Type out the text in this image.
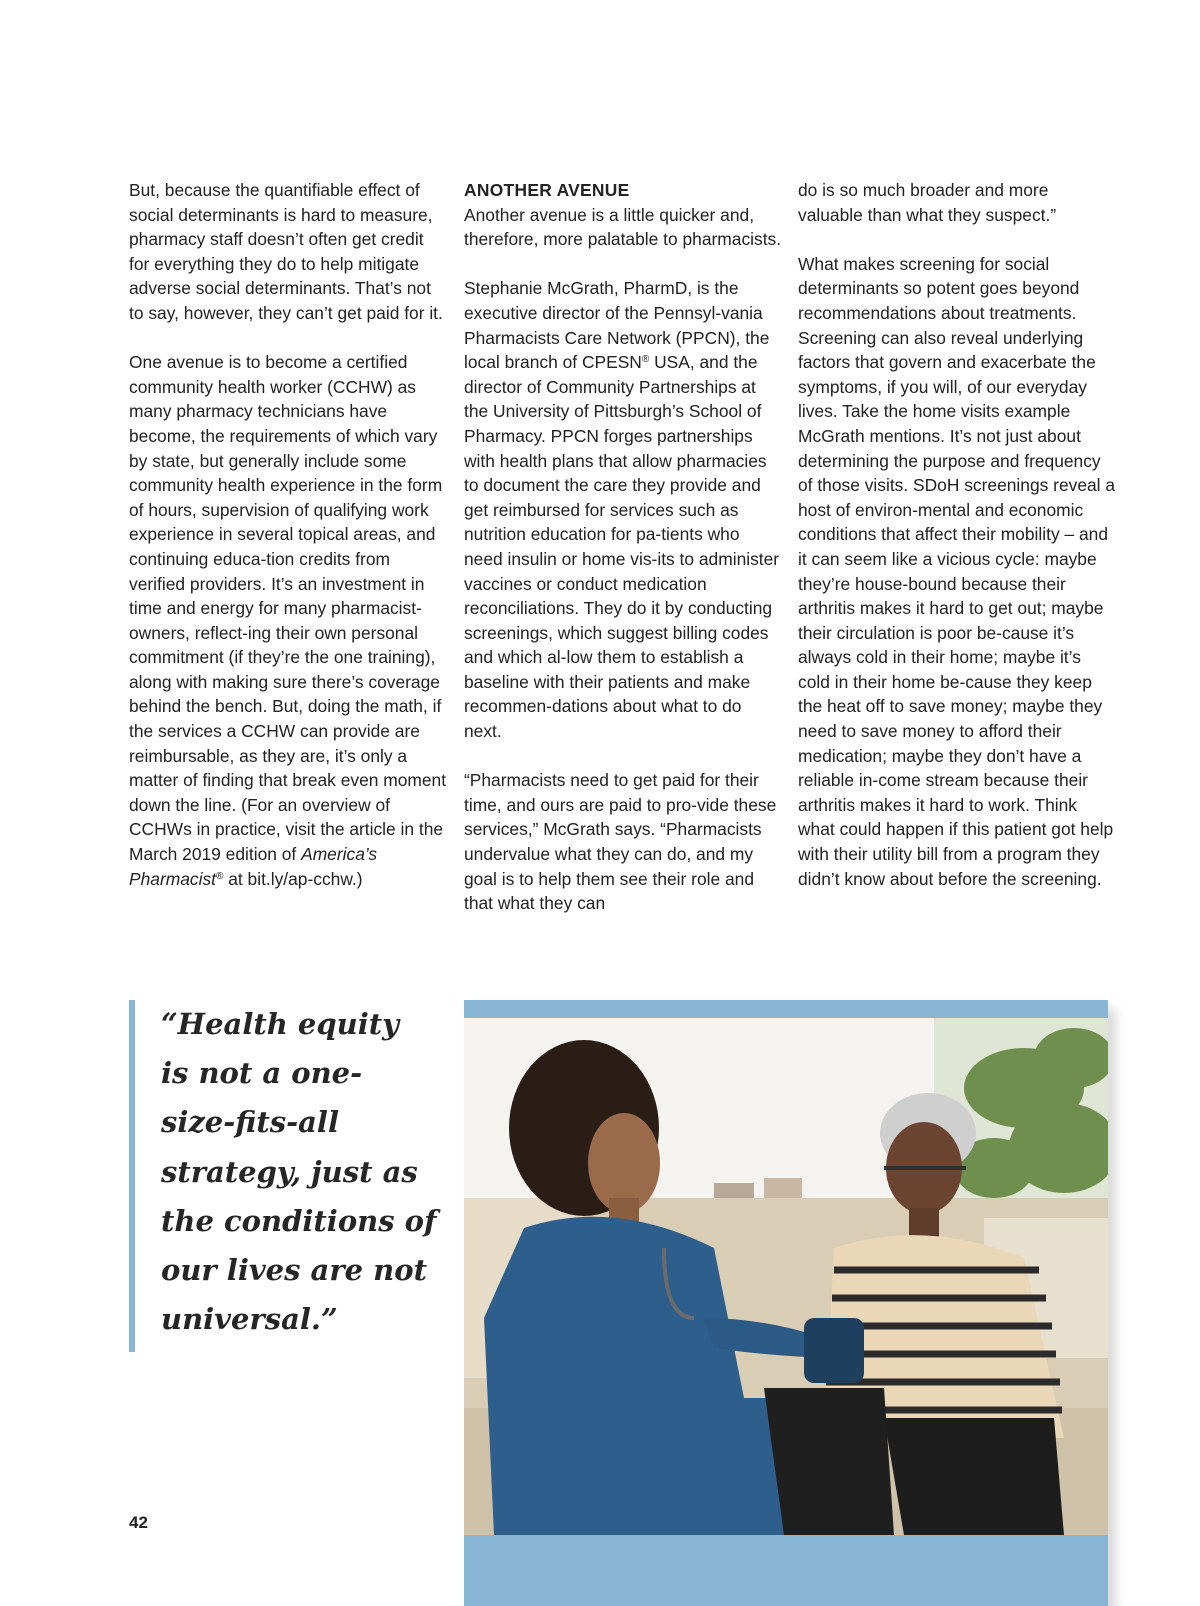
But, because the quantifiable effect of social determinants is hard to measure, pharmacy staff doesn’t often get credit for everything they do to help mitigate adverse social determinants. That’s not to say, however, they can’t get paid for it.

One avenue is to become a certified community health worker (CCHW) as many pharmacy technicians have become, the requirements of which vary by state, but generally include some community health experience in the form of hours, supervision of qualifying work experience in several topical areas, and continuing educa-tion credits from verified providers. It’s an investment in time and energy for many pharmacist-owners, reflect-ing their own personal commitment (if they’re the one training), along with making sure there’s coverage behind the bench. But, doing the math, if the services a CCHW can provide are reimbursable, as they are, it’s only a matter of finding that break even moment down the line. (For an overview of CCHWs in practice, visit the article in the March 2019 edition of America’s Pharmacist® at bit.ly/ap-cchw.)

ANOTHER AVENUE
Another avenue is a little quicker and, therefore, more palatable to pharmacists.

Stephanie McGrath, PharmD, is the executive director of the Pennsyl-vania Pharmacists Care Network (PPCN), the local branch of CPESN® USA, and the director of Community Partnerships at the University of Pittsburgh’s School of Pharmacy. PPCN forges partnerships with health plans that allow pharmacies to document the care they provide and get reimbursed for services such as nutrition education for pa-tients who need insulin or home vis-its to administer vaccines or conduct medication reconciliations. They do it by conducting screenings, which suggest billing codes and which al-low them to establish a baseline with their patients and make recommen-dations about what to do next.

“Pharmacists need to get paid for their time, and ours are paid to pro-vide these services,” McGrath says. “Pharmacists undervalue what they can do, and my goal is to help them see their role and that what they can

do is so much broader and more valuable than what they suspect.”

What makes screening for social determinants so potent goes beyond recommendations about treatments. Screening can also reveal underlying factors that govern and exacerbate the symptoms, if you will, of our everyday lives. Take the home visits example McGrath mentions. It’s not just about determining the purpose and frequency of those visits. SDoH screenings reveal a host of environ-mental and economic conditions that affect their mobility – and it can seem like a vicious cycle: maybe they’re house-bound because their arthritis makes it hard to get out; maybe their circulation is poor be-cause it’s always cold in their home; maybe it’s cold in their home be-cause they keep the heat off to save money; maybe they need to save money to afford their medication; maybe they don’t have a reliable in-come stream because their arthritis makes it hard to work. Think what could happen if this patient got help with their utility bill from a program they didn’t know about before the screening.

“Health equity
is not a one-
size-fits-all
strategy, just as
the conditions of
our lives are not
universal.”
42
